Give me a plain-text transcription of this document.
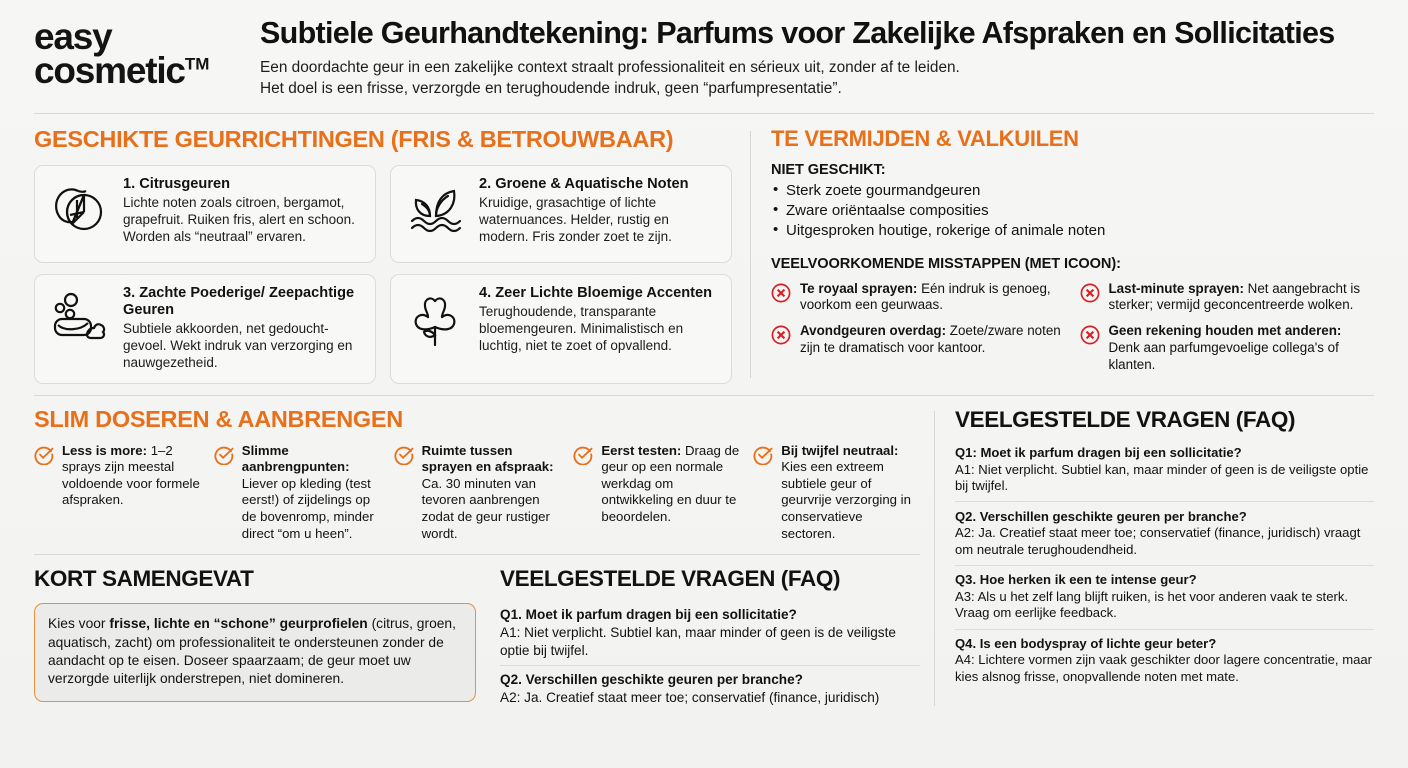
easy
cosmetic™
Subtiele Geurhandtekening: Parfums voor Zakelijke Afspraken en Sollicitaties
Een doordachte geur in een zakelijke context straalt professionaliteit en sérieux uit, zonder af te leiden.
Het doel is een frisse, verzorgde en terughoudende indruk, geen “parfumpresentatie”.
GESCHIKTE GEURRICHTINGEN (FRIS & BETROUWBAAR)
1. Citrusgeuren

Lichte noten zoals citroen, bergamot, grapefruit. Ruiken fris, alert en schoon. Worden als “neutraal” ervaren.

2. Groene & Aquatische Noten

Kruidige, grasachtige of lichte waternuances. Helder, rustig en modern. Fris zonder zoet te zijn.

3. Zachte Poederige/ Zeepachtige Geuren

Subtiele akkoorden, net gedoucht-gevoel. Wekt indruk van verzorging en nauwgezetheid.

4. Zeer Lichte Bloemige Accenten

Terughoudende, transparante bloemengeuren. Minimalistisch en luchtig, niet te zoet of opvallend.

TE VERMIJDEN & VALKUILEN
NIET GESCHIKT:
• Sterk zoete gourmandgeuren
• Zware oriëntaalse composities
• Uitgesproken houtige, rokerige of animale noten
VEELVOORKOMENDE MISSTAPPEN (MET ICOON):
Te royaal sprayen: Eén indruk is genoeg, voorkom een geurwaas.
Last-minute sprayen: Net aangebracht is sterker; vermijd geconcentreerde wolken.
Avondgeuren overdag: Zoete/zware noten zijn te dramatisch voor kantoor.
Geen rekening houden met anderen: Denk aan parfumgevoelige collega's of klanten.
SLIM DOSEREN & AANBRENGEN
Less is more: 1–2 sprays zijn meestal voldoende voor formele afspraken.
Slimme aanbrengpunten: Liever op kleding (test eerst!) of zijdelings op de bovenromp, minder direct “om u heen”.
Ruimte tussen sprayen en afspraak: Ca. 30 minuten van tevoren aanbrengen zodat de geur rustiger wordt.
Eerst testen: Draag de geur op een normale werkdag om ontwikkeling en duur te beoordelen.
Bij twijfel neutraal: Kies een extreem subtiele geur of geurvrije verzorging in conservatieve sectoren.
KORT SAMENGEVAT
Kies voor frisse, lichte en “schone” geurprofielen (citrus, groen, aquatisch, zacht) om professionaliteit te ondersteunen zonder de aandacht op te eisen. Doseer spaarzaam; de geur moet uw verzorgde uiterlijk onderstrepen, niet domineren.
VEELGESTELDE VRAGEN (FAQ)
Q1. Moet ik parfum dragen bij een sollicitatie?
A1: Niet verplicht. Subtiel kan, maar minder of geen is de veiligste optie bij twijfel.
Q2. Verschillen geschikte geuren per branche?
A2: Ja. Creatief staat meer toe; conservatief (finance, juridisch)
VEELGESTELDE VRAGEN (FAQ)
Q1: Moet ik parfum dragen bij een sollicitatie?
A1: Niet verplicht. Subtiel kan, maar minder of geen is de veiligste optie bij twijfel.
Q2. Verschillen geschikte geuren per branche?
A2: Ja. Creatief staat meer toe; conservatief (finance, juridisch) vraagt om neutrale terughoudendheid.
Q3. Hoe herken ik een te intense geur?
A3: Als u het zelf lang blijft ruiken, is het voor anderen vaak te sterk. Vraag om eerlijke feedback.
Q4. Is een bodyspray of lichte geur beter?
A4: Lichtere vormen zijn vaak geschikter door lagere concentratie, maar kies alsnog frisse, onopvallende noten met mate.
